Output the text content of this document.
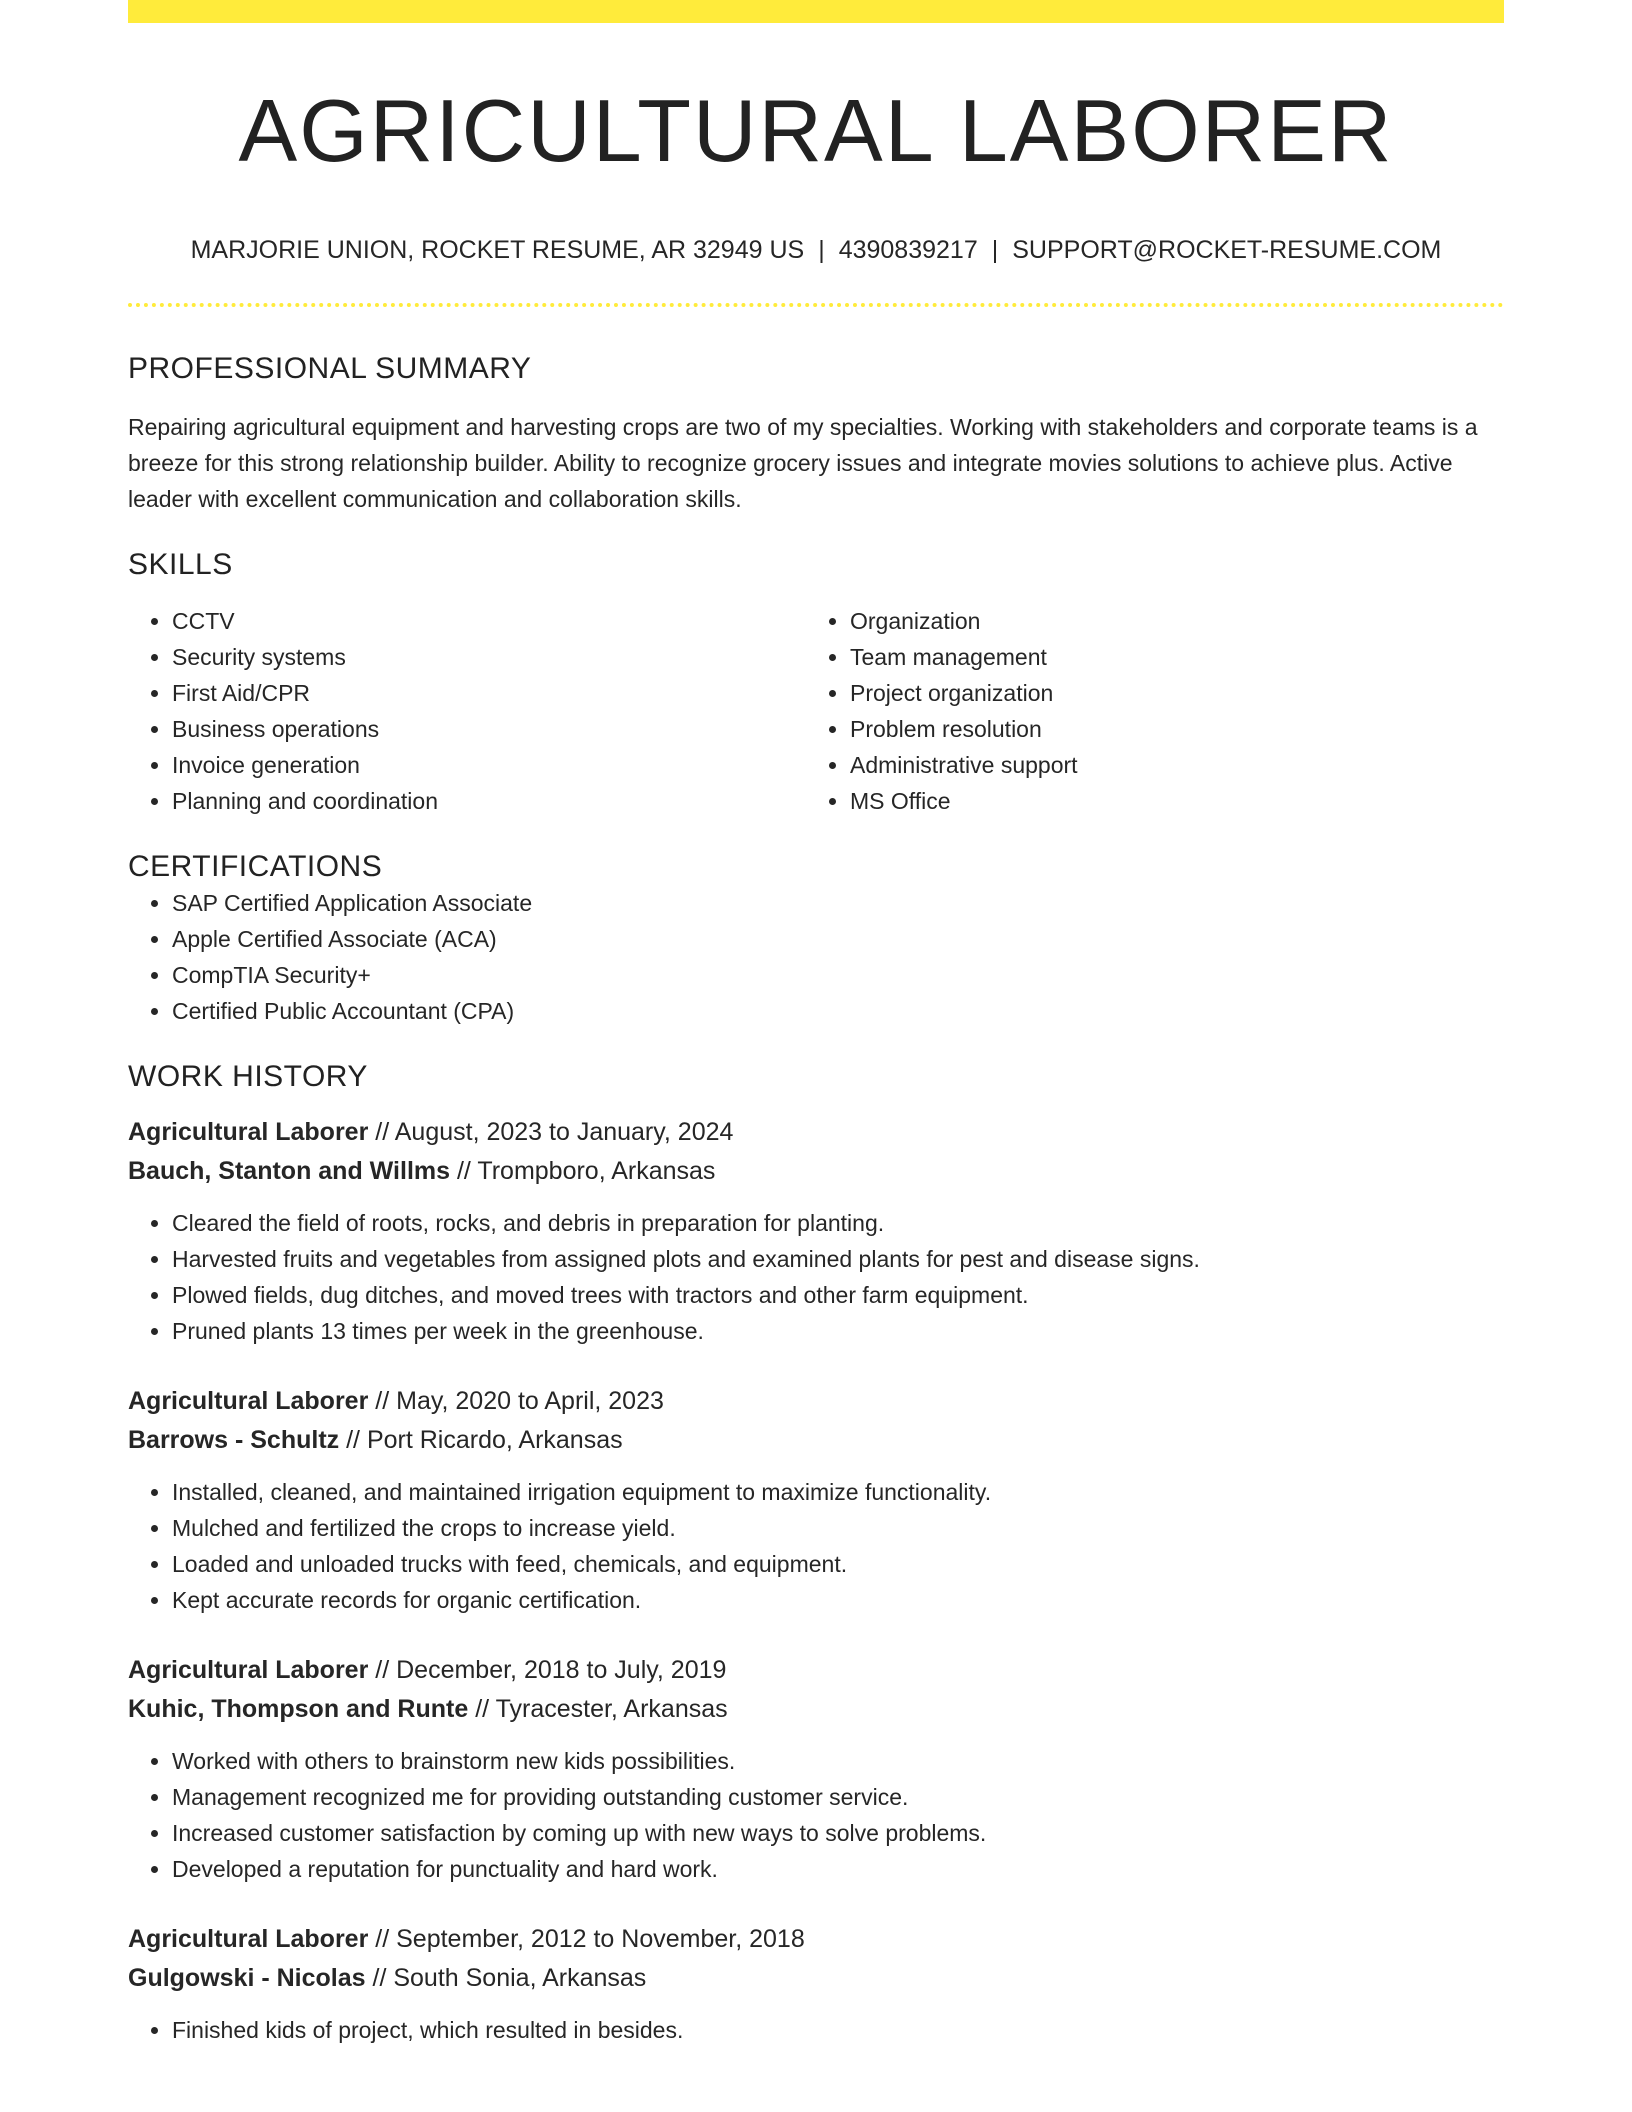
AGRICULTURAL LABORER
MARJORIE UNION, ROCKET RESUME, AR 32949 US | 4390839217 | SUPPORT@ROCKET-RESUME.COM
PROFESSIONAL SUMMARY
Repairing agricultural equipment and harvesting crops are two of my specialties. Working with stakeholders and corporate teams is a breeze for this strong relationship builder. Ability to recognize grocery issues and integrate movies solutions to achieve plus. Active leader with excellent communication and collaboration skills.
SKILLS
• CCTV
• Security systems
• First Aid/CPR
• Business operations
• Invoice generation
• Planning and coordination
• Organization
• Team management
• Project organization
• Problem resolution
• Administrative support
• MS Office
CERTIFICATIONS
• SAP Certified Application Associate
• Apple Certified Associate (ACA)
• CompTIA Security+
• Certified Public Accountant (CPA)
WORK HISTORY
Agricultural Laborer // August, 2023 to January, 2024
Bauch, Stanton and Willms // Trompboro, Arkansas
• Cleared the field of roots, rocks, and debris in preparation for planting.
• Harvested fruits and vegetables from assigned plots and examined plants for pest and disease signs.
• Plowed fields, dug ditches, and moved trees with tractors and other farm equipment.
• Pruned plants 13 times per week in the greenhouse.
Agricultural Laborer // May, 2020 to April, 2023
Barrows - Schultz // Port Ricardo, Arkansas
• Installed, cleaned, and maintained irrigation equipment to maximize functionality.
• Mulched and fertilized the crops to increase yield.
• Loaded and unloaded trucks with feed, chemicals, and equipment.
• Kept accurate records for organic certification.
Agricultural Laborer // December, 2018 to July, 2019
Kuhic, Thompson and Runte // Tyracester, Arkansas
• Worked with others to brainstorm new kids possibilities.
• Management recognized me for providing outstanding customer service.
• Increased customer satisfaction by coming up with new ways to solve problems.
• Developed a reputation for punctuality and hard work.
Agricultural Laborer // September, 2012 to November, 2018
Gulgowski - Nicolas // South Sonia, Arkansas
• Finished kids of project, which resulted in besides.
